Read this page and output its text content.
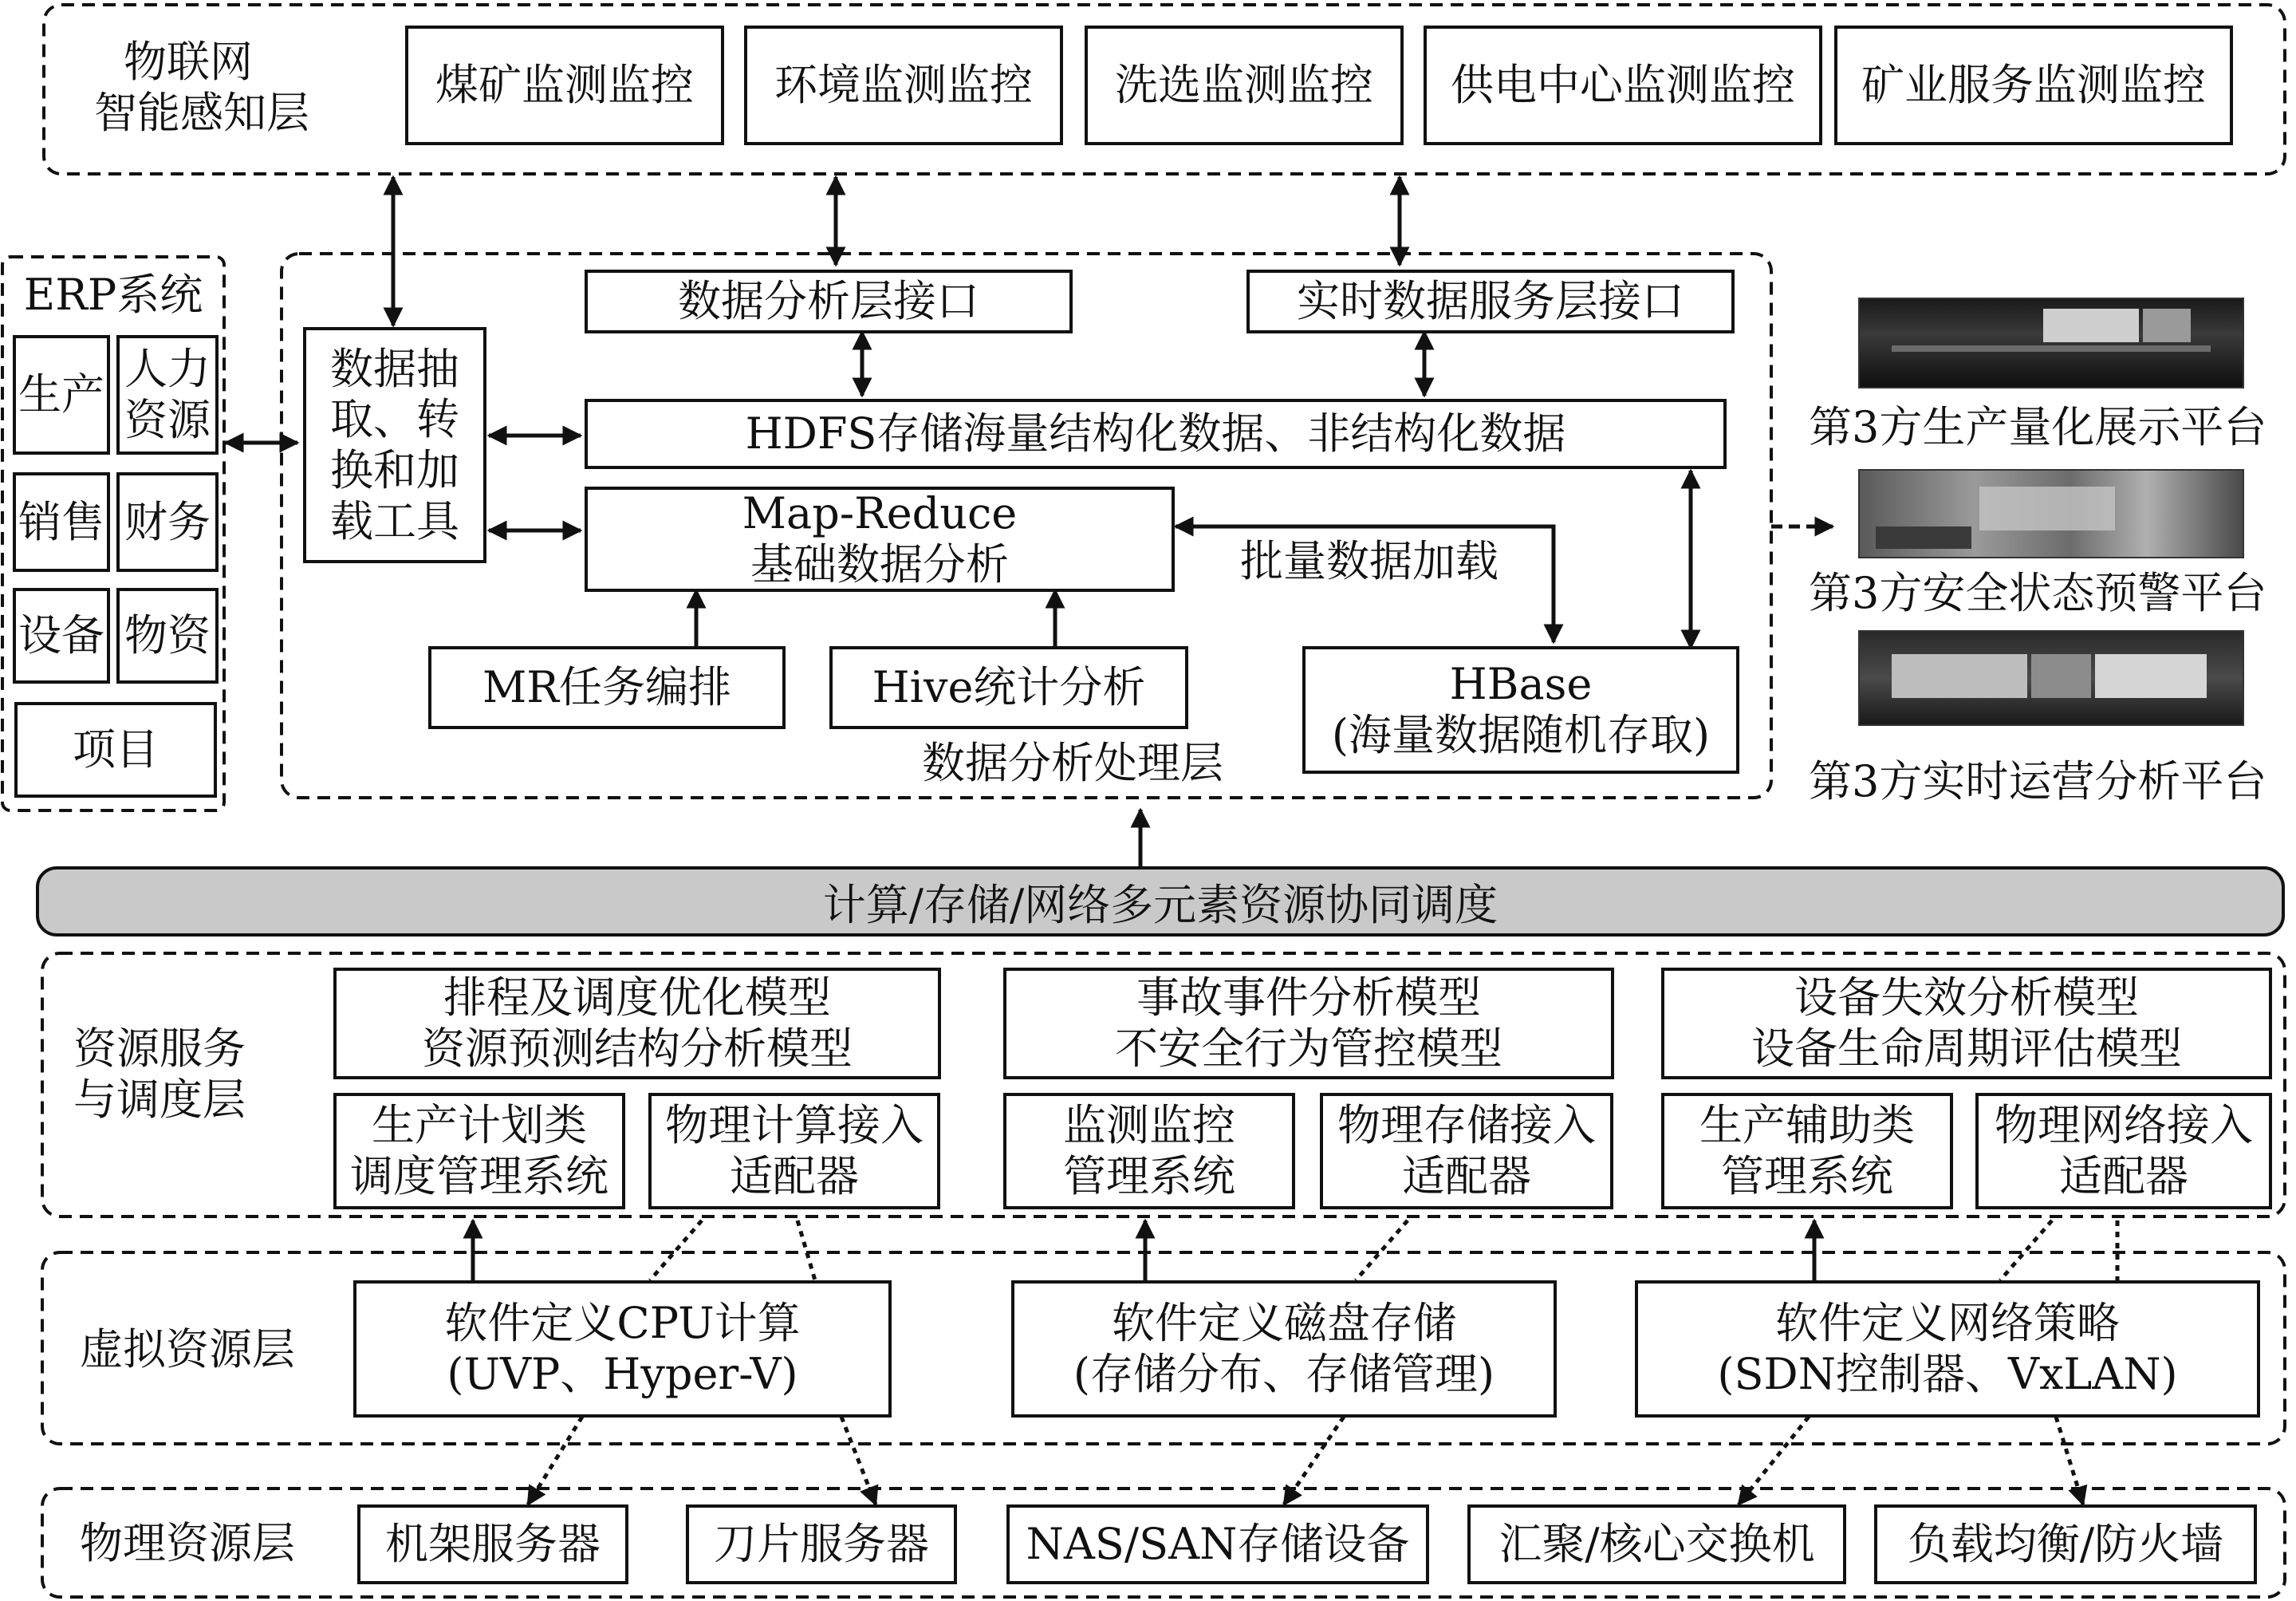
物联网
智能感知层
煤矿监测监控 环境监测监控 洗选监测监控 供电中心监测监控 矿业服务监测监控
ERP系统
生产
人力
资源
销售 财务
设备 物资
项目
数据抽
取、转
换和加
载工具
数据分析层接口	实时数据服务层接口
HDFS存储海量结构化数据、非结构化数据
Map-Reduce
基础数据分析	批量数据加载
MR任务编排	Hive统计分析	HBase
(海量数据随机存取)
数据分析处理层
第3方生产量化展示平台
第3方安全状态预警平台
第3方实时运营分析平台
计算/存储/网络多元素资源协同调度
资源服务
与调度层
排程及调度优化模型
资源预测结构分析模型
事故事件分析模型
不安全行为管控模型
设备失效分析模型
设备生命周期评估模型
生产计划类
调度管理系统
物理计算接入
适配器
监测监控
管理系统
物理存储接入
适配器
生产辅助类
管理系统
物理网络接入
适配器
虚拟资源层
软件定义CPU计算
(UVP、Hyper-V)
软件定义磁盘存储
(存储分布、存储管理)
软件定义网络策略
(SDN控制器、VxLAN)
物理资源层 机架服务器	刀片服务器 NAS/SAN存储设备 汇聚/核心交换机 负载均衡/防火墙
